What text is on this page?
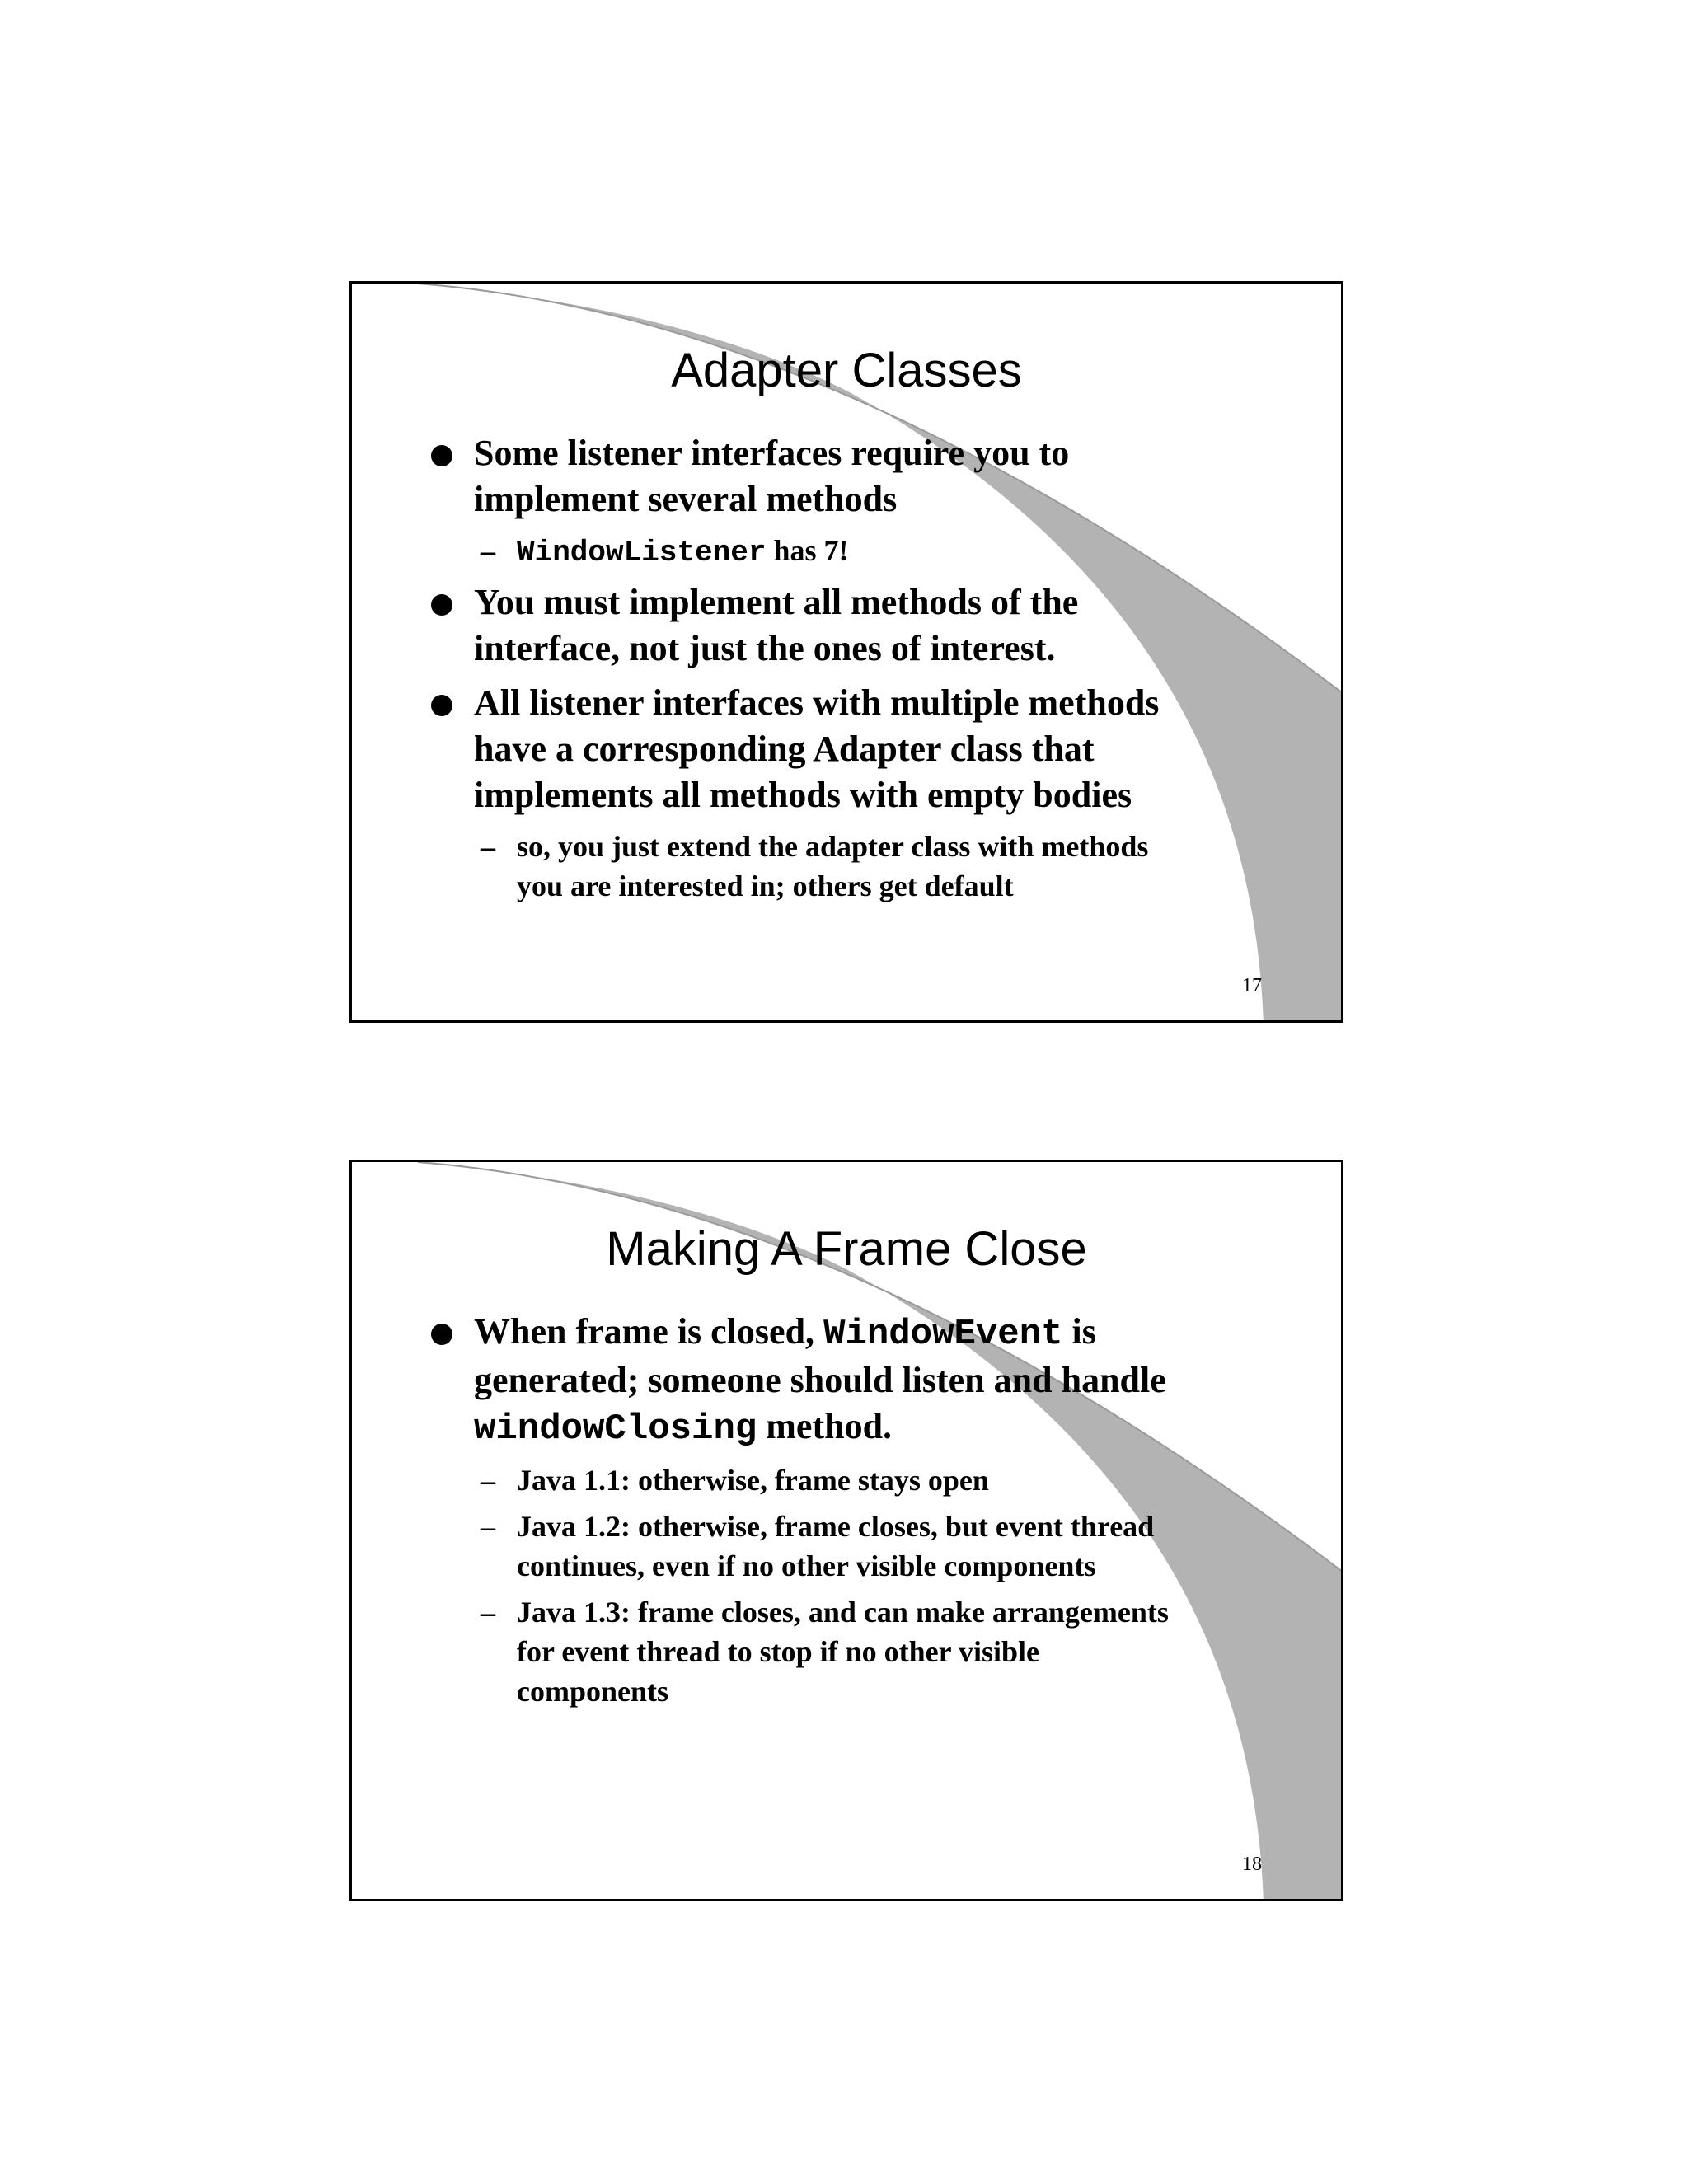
Adapter Classes
Some listener interfaces require you to
implement several methods
– WindowListener has 7!
You must implement all methods of the
interface, not just the ones of interest.
All listener interfaces with multiple methods
have a corresponding Adapter class that
implements all methods with empty bodies
– so, you just extend the adapter class with methods
you are interested in; others get default
17
Making A Frame Close
When frame is closed, WindowEvent is
generated; someone should listen and handle
windowClosing method.
– Java 1.1: otherwise, frame stays open
– Java 1.2: otherwise, frame closes, but event thread
continues, even if no other visible components
– Java 1.3: frame closes, and can make arrangements
for event thread to stop if no other visible
components
18
